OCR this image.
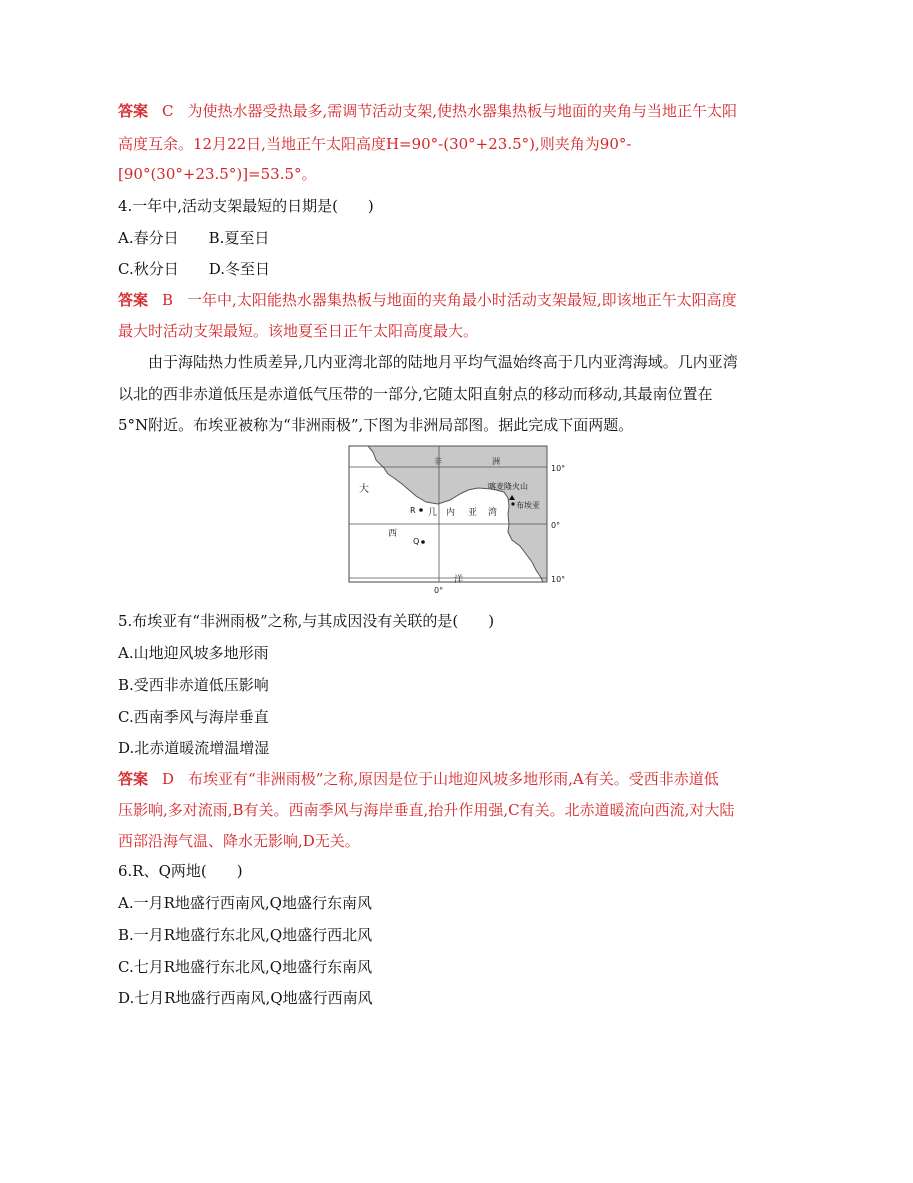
答案 C 为使热水器受热最多,需调节活动支架,使热水器集热板与地面的夹角与当地正午太阳
高度互余。12月22日,当地正午太阳高度H=90°-(30°+23.5°),则夹角为90°-
[90°(30°+23.5°)]=53.5°。
4.一年中,活动支架最短的日期是(　　)
A.春分日 B.夏至日
C.秋分日 D.冬至日
答案 B 一年中,太阳能热水器集热板与地面的夹角最小时活动支架最短,即该地正午太阳高度
最大时活动支架最短。该地夏至日正午太阳高度最大。
由于海陆热力性质差异,几内亚湾北部的陆地月平均气温始终高于几内亚湾海域。几内亚湾
以北的西非赤道低压是赤道低气压带的一部分,它随太阳直射点的移动而移动,其最南位置在
5°N附近。布埃亚被称为“非洲雨极”,下图为非洲局部图。据此完成下面两题。
10°
0°
10°
0°
非	洲
大
西
洋
几 内 亚 湾
喀麦隆火山
布埃亚
R
Q
5.布埃亚有“非洲雨极”之称,与其成因没有关联的是(　　)
A.山地迎风坡多地形雨
B.受西非赤道低压影响
C.西南季风与海岸垂直
D.北赤道暖流增温增湿
答案 D 布埃亚有“非洲雨极”之称,原因是位于山地迎风坡多地形雨,A有关。受西非赤道低
压影响,多对流雨,B有关。西南季风与海岸垂直,抬升作用强,C有关。北赤道暖流向西流,对大陆
西部沿海气温、降水无影响,D无关。
6.R、Q两地(　　)
A.一月R地盛行西南风,Q地盛行东南风
B.一月R地盛行东北风,Q地盛行西北风
C.七月R地盛行东北风,Q地盛行东南风
D.七月R地盛行西南风,Q地盛行西南风
